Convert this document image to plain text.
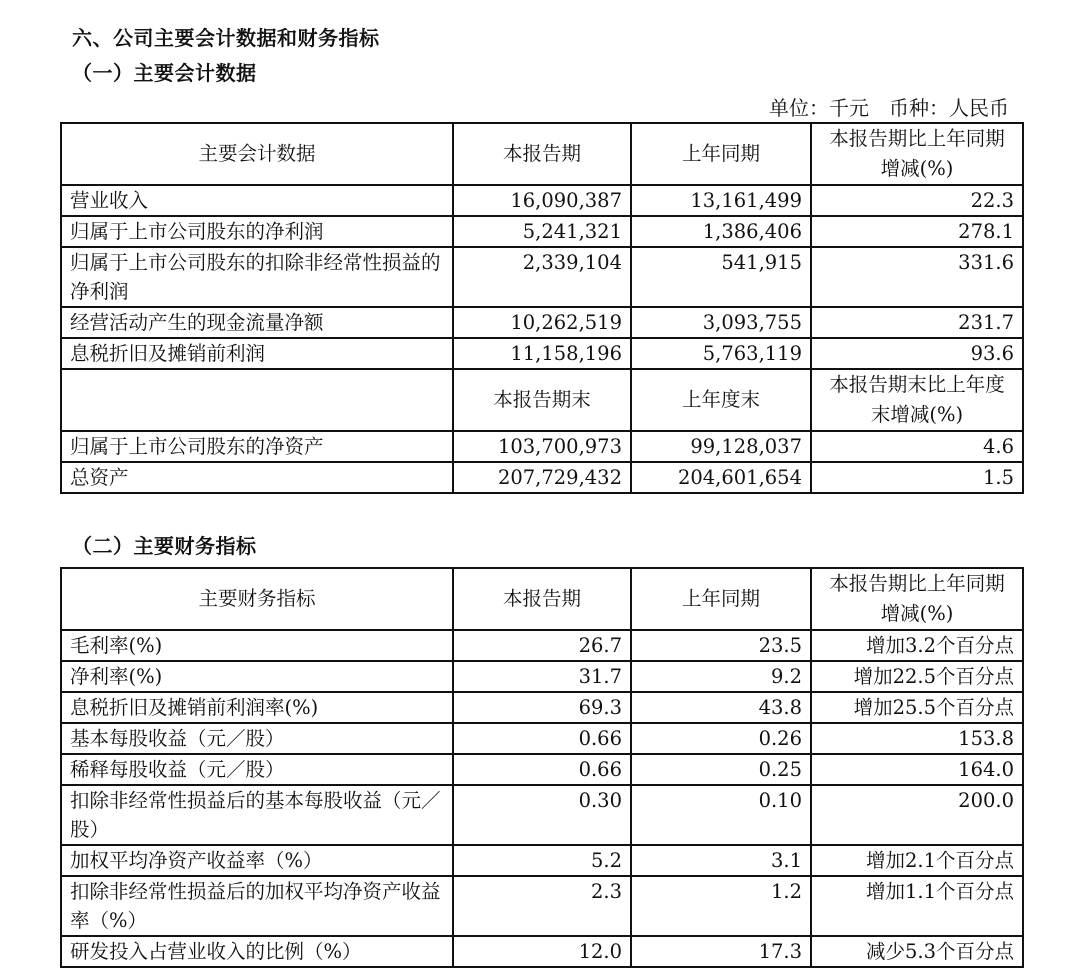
六、公司主要会计数据和财务指标
（一）主要会计数据
单位：千元　币种：人民币
主要会计数据	本报告期	上年同期	本报告期比上年同期增减(%)
营业收入	16,090,387	13,161,499	22.3
归属于上市公司股东的净利润	5,241,321	1,386,406	278.1
归属于上市公司股东的扣除非经常性损益的净利润	2,339,104	541,915	331.6
经营活动产生的现金流量净额	10,262,519	3,093,755	231.7
息税折旧及摊销前利润	11,158,196	5,763,119	93.6
	本报告期末	上年度末	本报告期末比上年度末增减(%)
归属于上市公司股东的净资产	103,700,973	99,128,037	4.6
总资产	207,729,432	204,601,654	1.5
（二）主要财务指标
主要财务指标	本报告期	上年同期	本报告期比上年同期增减(%)
毛利率(%)	26.7	23.5	增加3.2个百分点
净利率(%)	31.7	9.2	增加22.5个百分点
息税折旧及摊销前利润率(%)	69.3	43.8	增加25.5个百分点
基本每股收益（元／股）	0.66	0.26	153.8
稀释每股收益（元／股）	0.66	0.25	164.0
扣除非经常性损益后的基本每股收益（元／股）	0.30	0.10	200.0
加权平均净资产收益率（%）	5.2	3.1	增加2.1个百分点
扣除非经常性损益后的加权平均净资产收益率（%）	2.3	1.2	增加1.1个百分点
研发投入占营业收入的比例（%）	12.0	17.3	减少5.3个百分点
